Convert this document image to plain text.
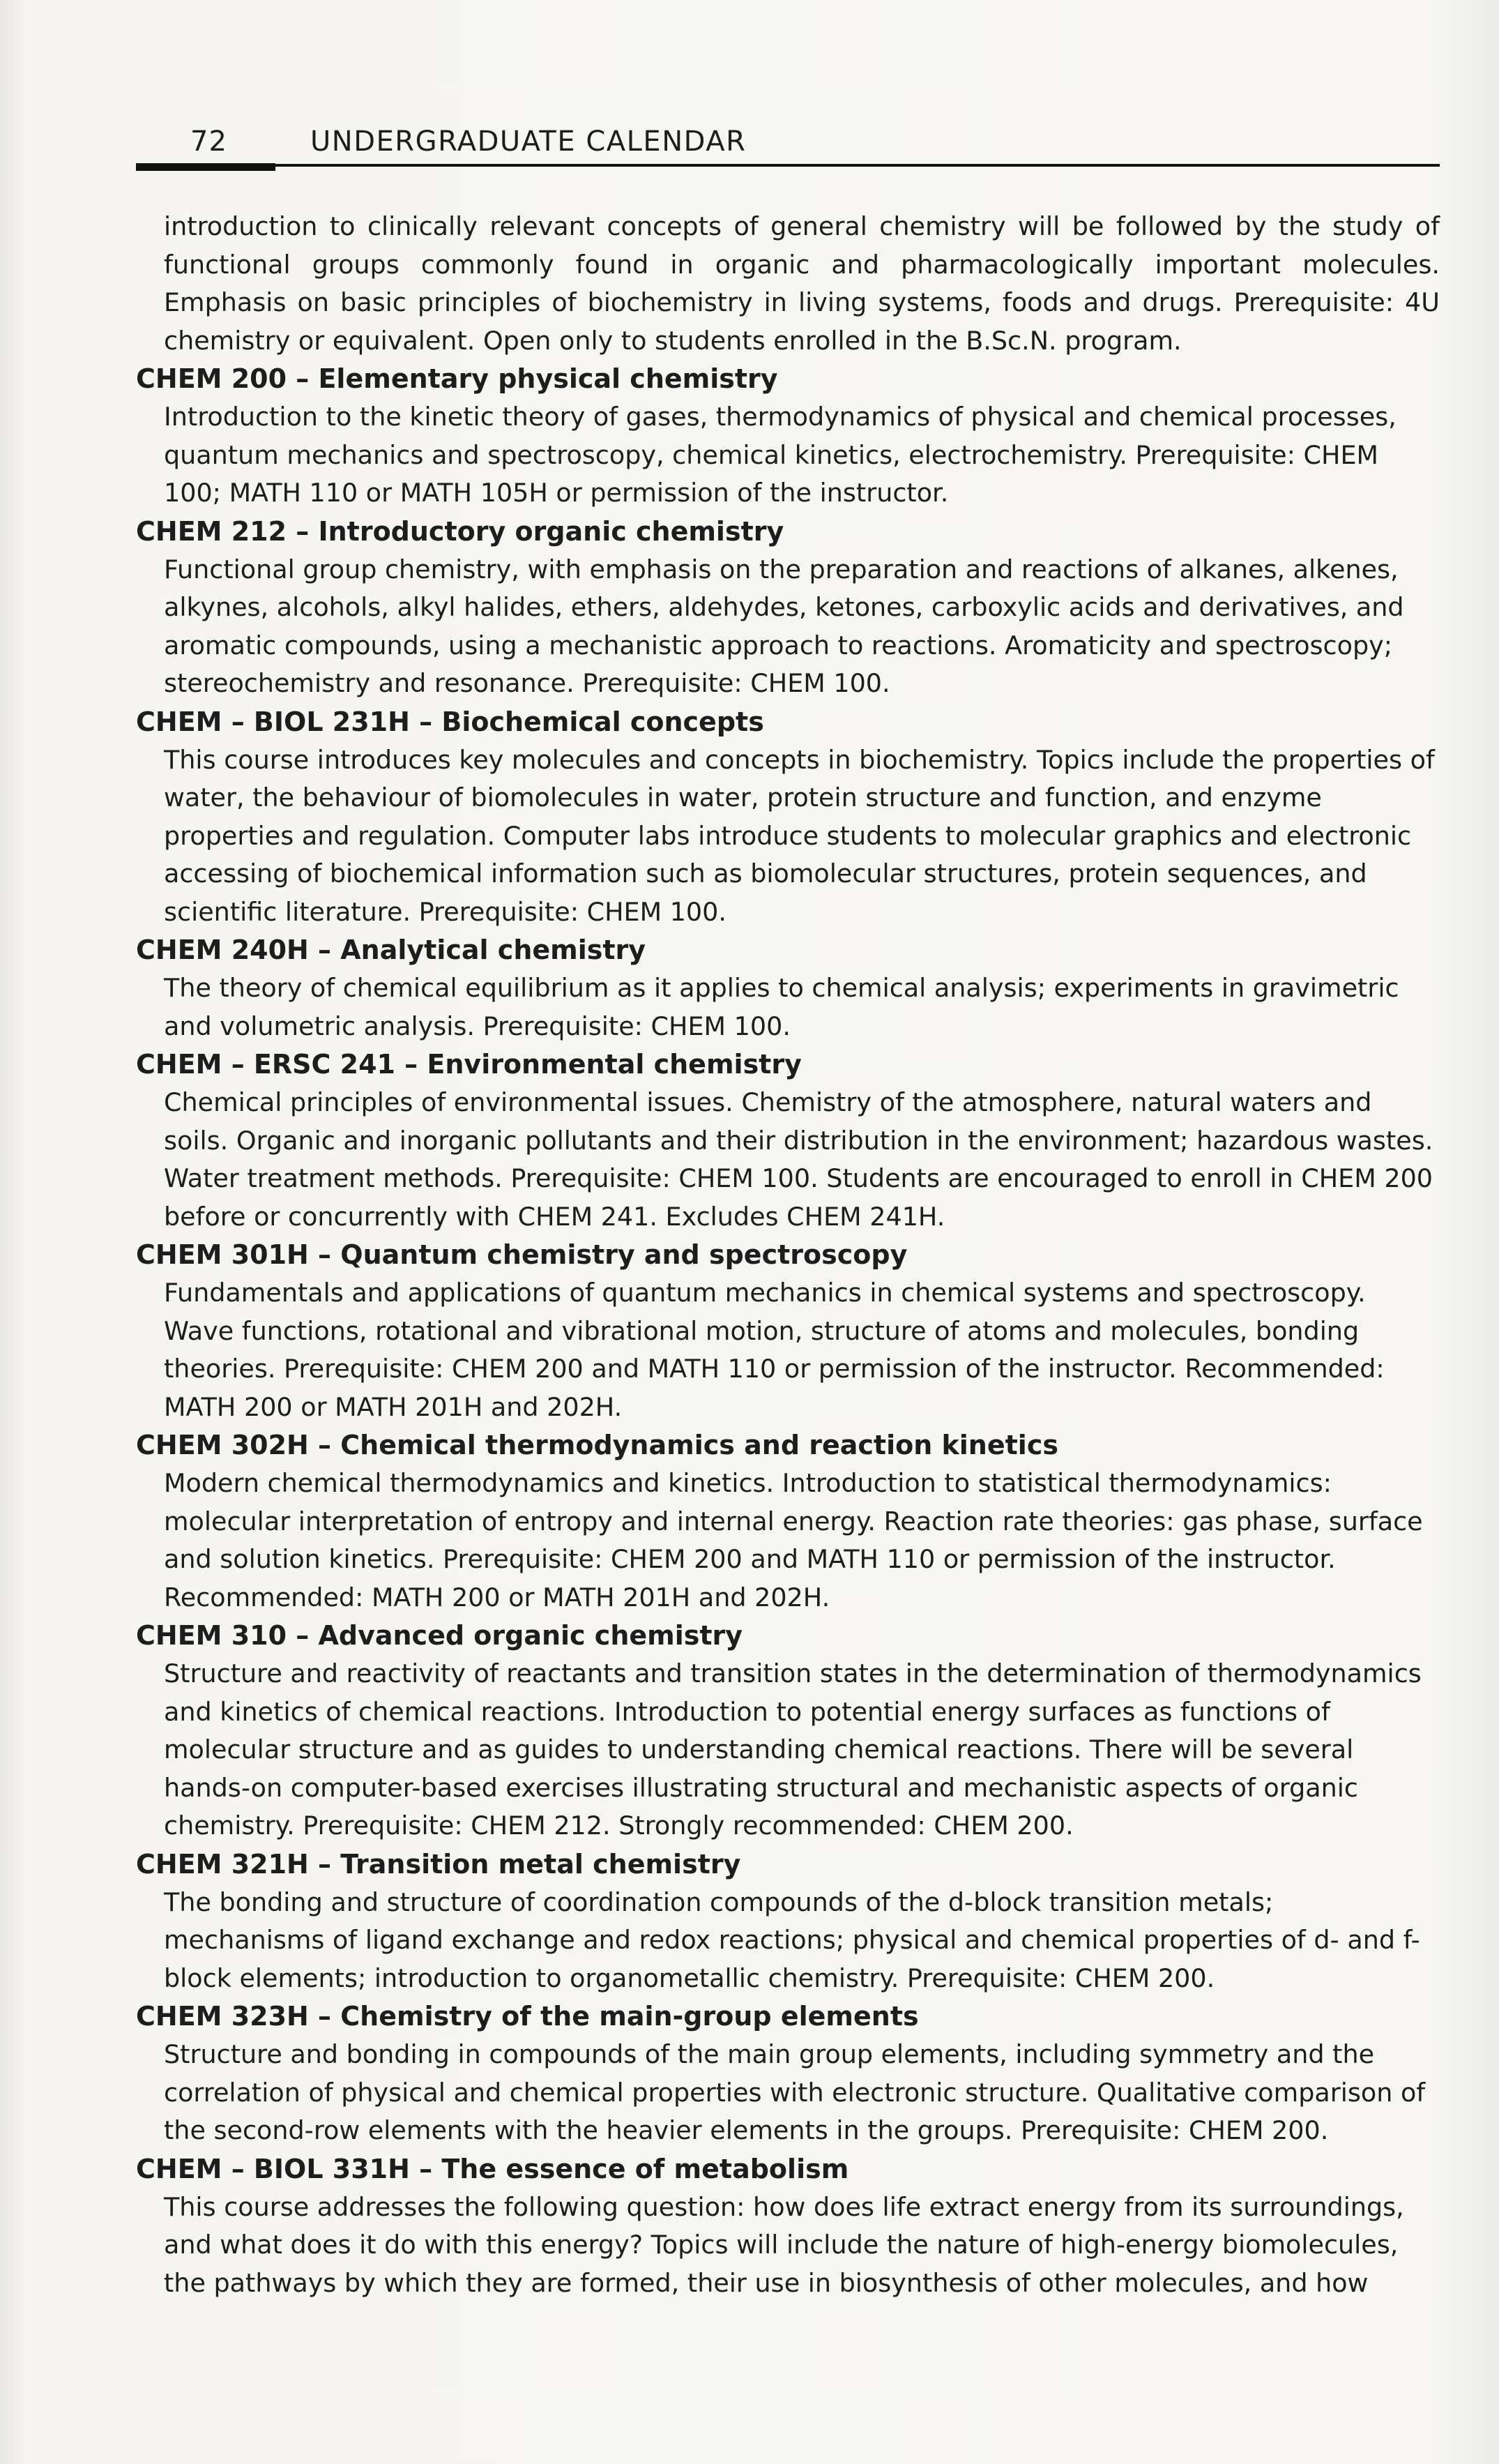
72	UNDERGRADUATE CALENDAR

introduction to clinically relevant concepts of general chemistry will be followed by the study of functional groups commonly found in organic and pharmacologically important molecules. Emphasis on basic principles of biochemistry in living systems, foods and drugs. Prerequisite: 4U chemistry or equivalent. Open only to students enrolled in the B.Sc.N. program.

CHEM 200 – Elementary physical chemistry

Introduction to the kinetic theory of gases, thermodynamics of physical and chemical processes, quantum mechanics and spectroscopy, chemical kinetics, electrochemistry. Prerequisite: CHEM 100; MATH 110 or MATH 105H or permission of the instructor.

CHEM 212 – Introductory organic chemistry

Functional group chemistry, with emphasis on the preparation and reactions of alkanes, alkenes, alkynes, alcohols, alkyl halides, ethers, aldehydes, ketones, carboxylic acids and derivatives, and aromatic compounds, using a mechanistic approach to reactions. Aromaticity and spectroscopy; stereochemistry and resonance. Prerequisite: CHEM 100.

CHEM – BIOL 231H – Biochemical concepts

This course introduces key molecules and concepts in biochemistry. Topics include the properties of water, the behaviour of biomolecules in water, protein structure and function, and enzyme properties and regulation. Computer labs introduce students to molecular graphics and electronic accessing of biochemical information such as biomolecular structures, protein sequences, and scientific literature. Prerequisite: CHEM 100.

CHEM 240H – Analytical chemistry

The theory of chemical equilibrium as it applies to chemical analysis; experiments in gravimetric and volumetric analysis. Prerequisite: CHEM 100.

CHEM – ERSC 241 – Environmental chemistry

Chemical principles of environmental issues. Chemistry of the atmosphere, natural waters and soils. Organic and inorganic pollutants and their distribution in the environment; hazardous wastes. Water treatment methods. Prerequisite: CHEM 100. Students are encouraged to enroll in CHEM 200 before or concurrently with CHEM 241. Excludes CHEM 241H.

CHEM 301H – Quantum chemistry and spectroscopy

Fundamentals and applications of quantum mechanics in chemical systems and spectroscopy. Wave functions, rotational and vibrational motion, structure of atoms and molecules, bonding theories. Prerequisite: CHEM 200 and MATH 110 or permission of the instructor. Recommended: MATH 200 or MATH 201H and 202H.

CHEM 302H – Chemical thermodynamics and reaction kinetics

Modern chemical thermodynamics and kinetics. Introduction to statistical thermodynamics: molecular interpretation of entropy and internal energy. Reaction rate theories: gas phase, surface and solution kinetics. Prerequisite: CHEM 200 and MATH 110 or permission of the instructor. Recommended: MATH 200 or MATH 201H and 202H.

CHEM 310 – Advanced organic chemistry

Structure and reactivity of reactants and transition states in the determination of thermodynamics and kinetics of chemical reactions. Introduction to potential energy surfaces as functions of molecular structure and as guides to understanding chemical reactions. There will be several hands-on computer-based exercises illustrating structural and mechanistic aspects of organic chemistry. Prerequisite: CHEM 212. Strongly recommended: CHEM 200.

CHEM 321H – Transition metal chemistry

The bonding and structure of coordination compounds of the d-block transition metals; mechanisms of ligand exchange and redox reactions; physical and chemical properties of d- and f-block elements; introduction to organometallic chemistry. Prerequisite: CHEM 200.

CHEM 323H – Chemistry of the main-group elements

Structure and bonding in compounds of the main group elements, including symmetry and the correlation of physical and chemical properties with electronic structure. Qualitative comparison of the second-row elements with the heavier elements in the groups. Prerequisite: CHEM 200.

CHEM – BIOL 331H – The essence of metabolism

This course addresses the following question: how does life extract energy from its surroundings, and what does it do with this energy? Topics will include the nature of high-energy biomolecules, the pathways by which they are formed, their use in biosynthesis of other molecules, and how
